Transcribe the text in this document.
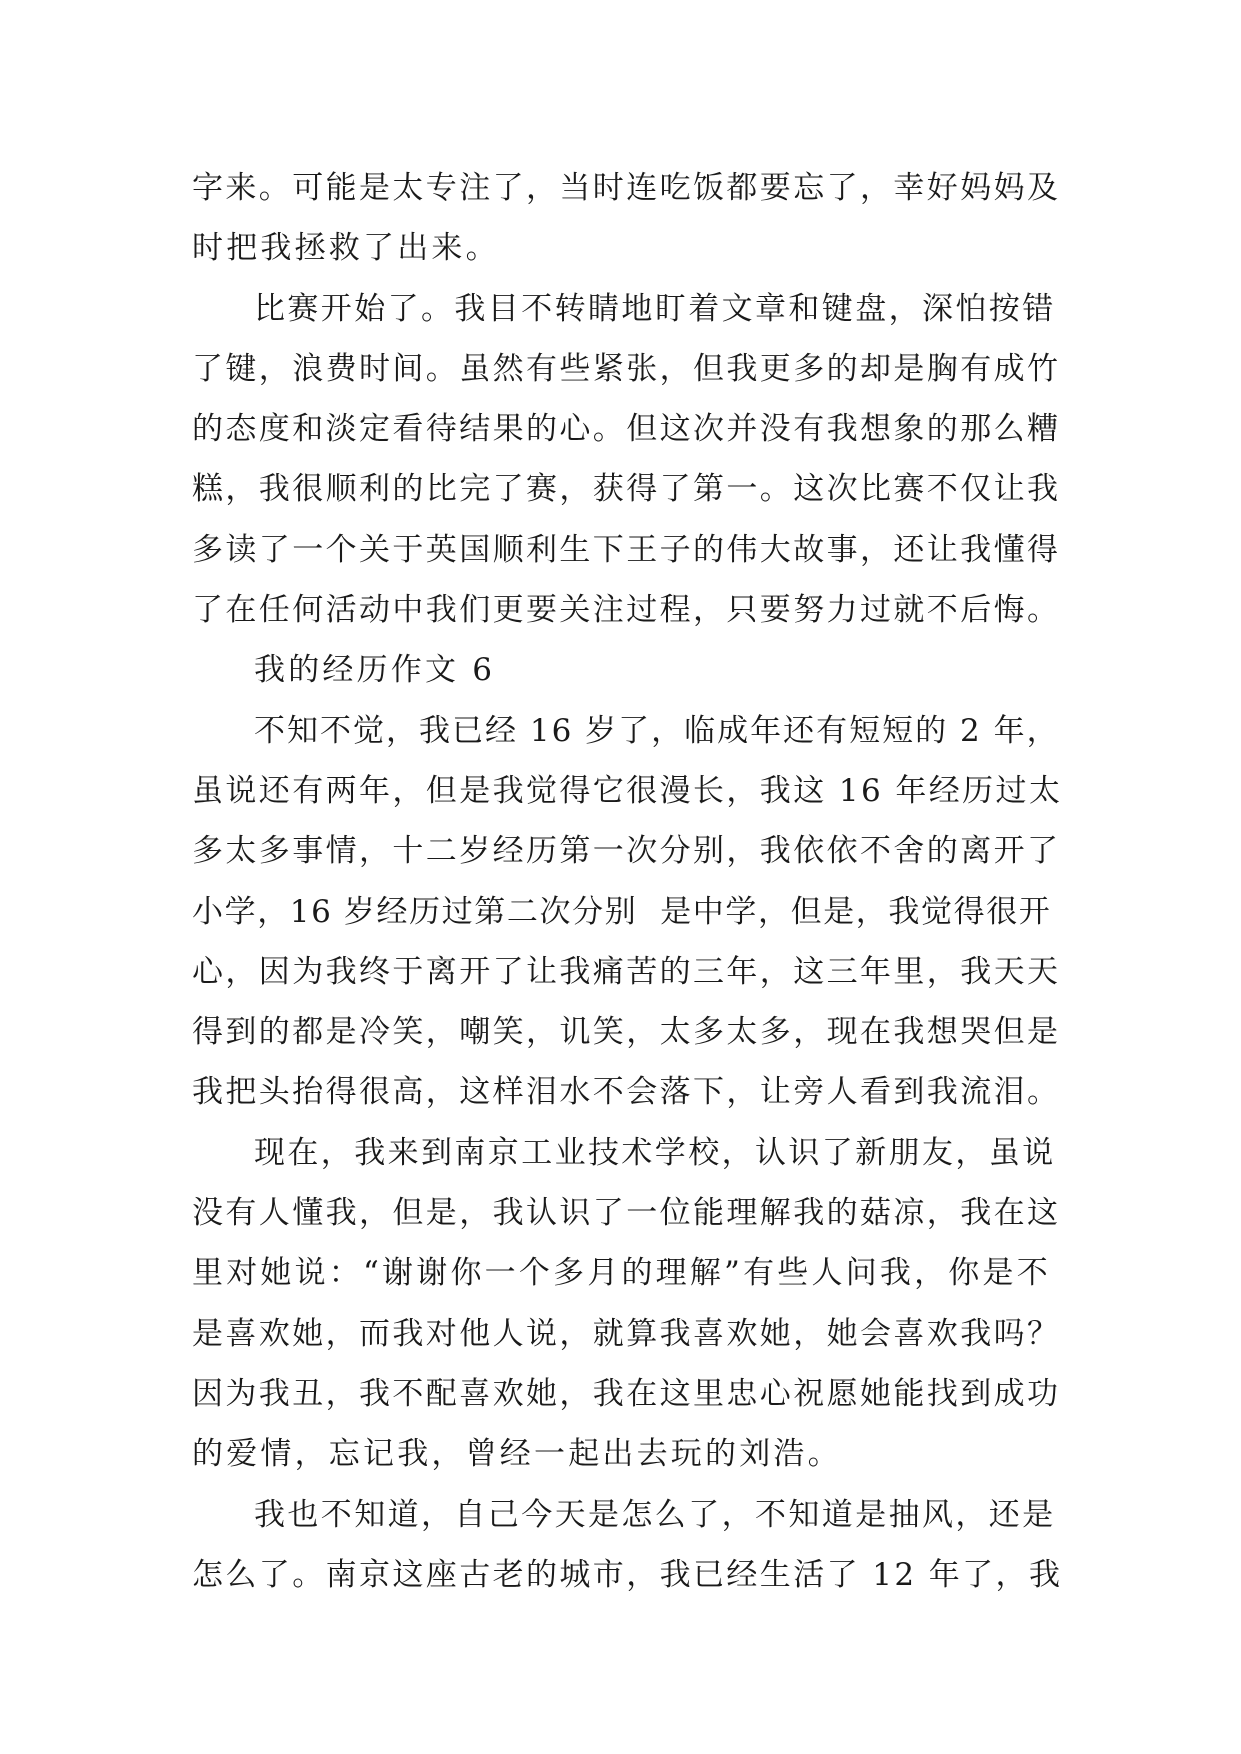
字来。可能是太专注了，当时连吃饭都要忘了，幸好妈妈及
时把我拯救了出来。
比赛开始了。我目不转睛地盯着文章和键盘，深怕按错
了键，浪费时间。虽然有些紧张，但我更多的却是胸有成竹
的态度和淡定看待结果的心。但这次并没有我想象的那么糟
糕，我很顺利的比完了赛，获得了第一。这次比赛不仅让我
多读了一个关于英国顺利生下王子的伟大故事，还让我懂得
了在任何活动中我们更要关注过程，只要努力过就不后悔。
我的经历作文 6
不知不觉，我已经 16 岁了，临成年还有短短的 2 年，
虽说还有两年，但是我觉得它很漫长，我这 16 年经历过太
多太多事情，十二岁经历第一次分别，我依依不舍的离开了
小学，16 岁经历过第二次分别  是中学，但是，我觉得很开
心，因为我终于离开了让我痛苦的三年，这三年里，我天天
得到的都是冷笑，嘲笑，讥笑，太多太多，现在我想哭但是
我把头抬得很高，这样泪水不会落下，让旁人看到我流泪。
现在，我来到南京工业技术学校，认识了新朋友，虽说
没有人懂我，但是，我认识了一位能理解我的菇凉，我在这
里对她说：“谢谢你一个多月的理解”有些人问我，你是不
是喜欢她，而我对他人说，就算我喜欢她，她会喜欢我吗？
因为我丑，我不配喜欢她，我在这里忠心祝愿她能找到成功
的爱情，忘记我，曾经一起出去玩的刘浩。
我也不知道，自己今天是怎么了，不知道是抽风，还是
怎么了。南京这座古老的城市，我已经生活了 12 年了，我
